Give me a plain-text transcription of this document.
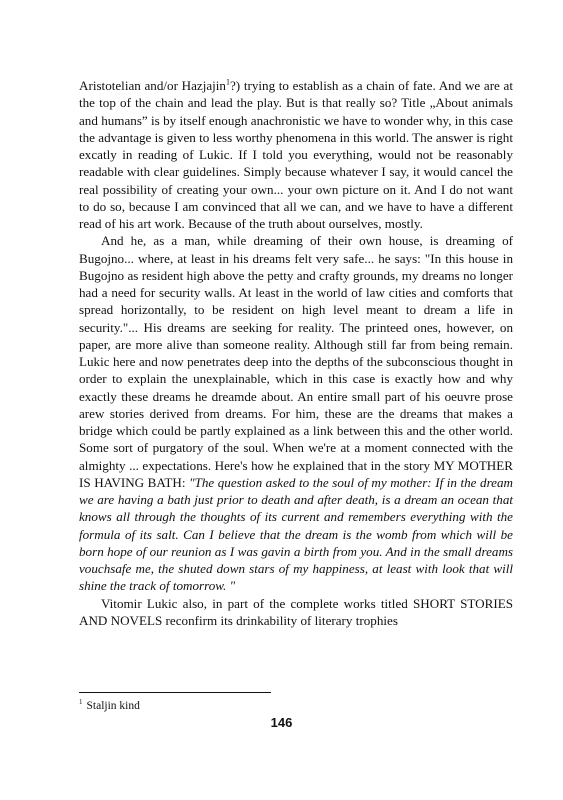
Aristotelian and/or Hazjajin$^1$?) trying to establish as a chain of fate. And we are at the top of the chain and lead the play. But is that really so? Title „About animals and humans” is by itself enough anachronistic we have to wonder why, in this case the advantage is given to less worthy phenomena in this world. The answer is right excatly in reading of Lukic. If I told you everything, would not be reasonably readable with clear guidelines. Simply because whatever I say, it would cancel the real possibility of creating your own... your own picture on it. And I do not want to do so, because I am convinced that all we can, and we have to have a different read of his art work. Because of the truth about ourselves, mostly.

And he, as a man, while dreaming of their own house, is dreaming of Bugojno... where, at least in his dreams felt very safe... he says: "In this house in Bugojno as resident high above the petty and crafty grounds, my dreams no longer had a need for security walls. At least in the world of law cities and comforts that spread horizontally, to be resident on high level meant to dream a life in security."... His dreams are seeking for reality. The printeed ones, however, on paper, are more alive than someone reality. Although still far from being remain. Lukic here and now penetrates deep into the depths of the subconscious thought in order to explain the unexplainable, which in this case is exactly how and why exactly these dreams he dreamde about. An entire small part of his oeuvre prose arew stories derived from dreams. For him, these are the dreams that makes a bridge which could be partly explained as a link between this and the other world. Some sort of purgatory of the soul. When we're at a moment connected with the almighty ... expectations. Here's how he explained that in the story MY MOTHER IS HAVING BATH: "The question asked to the soul of my mother: If in the dream we are having a bath just prior to death and after death, is a dream an ocean that knows all through the thoughts of its current and remembers everything with the formula of its salt. Can I believe that the dream is the womb from which will be born hope of our reunion as I was gavin a birth from you. And in the small dreams vouchsafe me, the shuted down stars of my happiness, at least with look that will shine the track of tomorrow. "

Vitomir Lukic also, in part of the complete works titled SHORT STORIES AND NOVELS reconfirm its drinkability of literary trophies

$^1$ Staljin kind
146
